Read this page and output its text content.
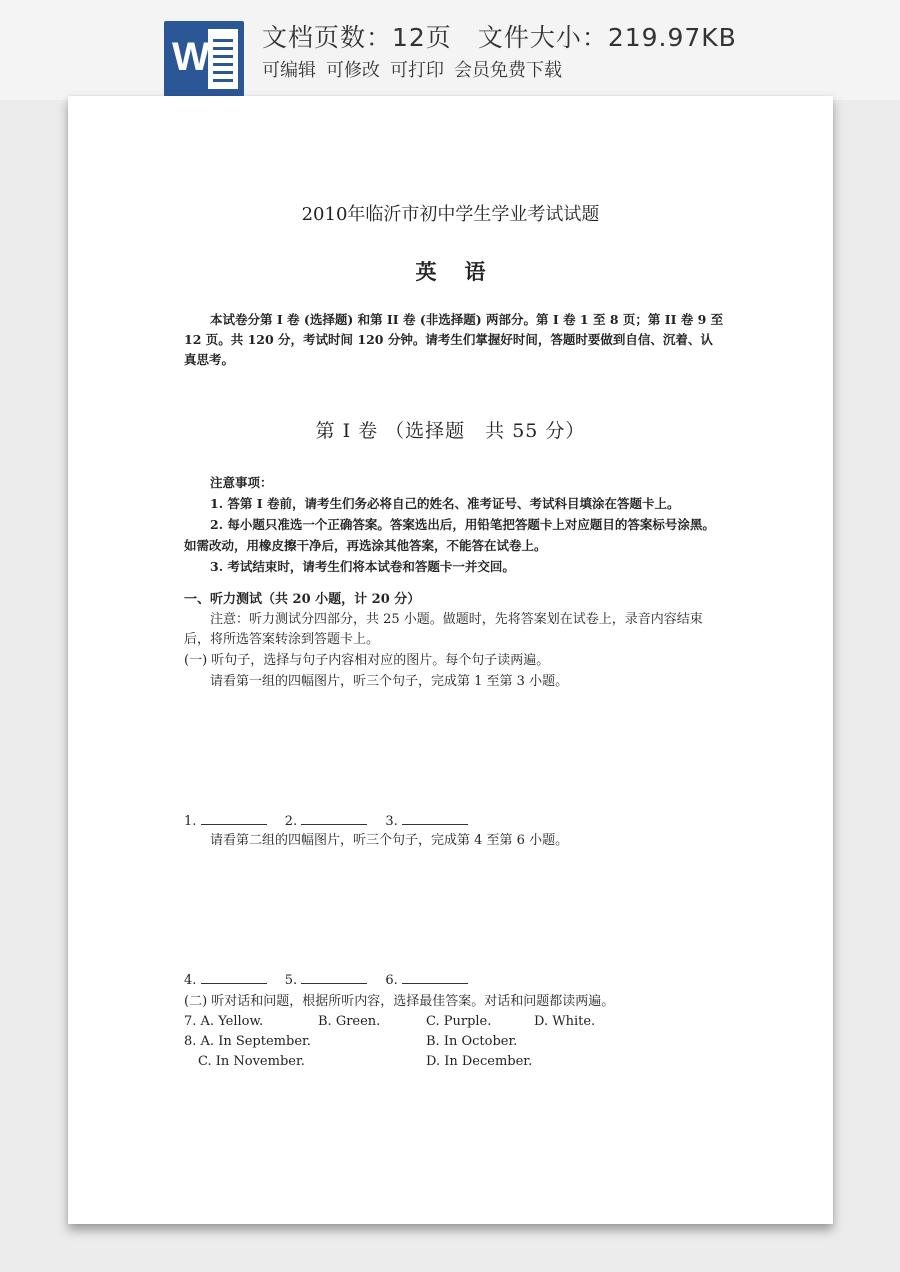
W 文档页数：12页 文件大小：219.97KB
可编辑 可修改 可打印 会员免费下载
2010年临沂市初中学生学业考试试题
英语
本试卷分第 I 卷 (选择题) 和第 II 卷 (非选择题) 两部分。第 I 卷 1 至 8 页；第 II 卷 9 至 12 页。共 120 分，考试时间 120 分钟。请考生们掌握好时间，答题时要做到自信、沉着、认真思考。
第 I 卷 （选择题　共 55 分）
注意事项：
1. 答第 I 卷前，请考生们务必将自己的姓名、准考证号、考试科目填涂在答题卡上。
2. 每小题只准选一个正确答案。答案选出后，用铅笔把答题卡上对应题目的答案标号涂黑。如需改动，用橡皮擦干净后，再选涂其他答案，不能答在试卷上。
3. 考试结束时，请考生们将本试卷和答题卡一并交回。
一、听力测试（共 20 小题，计 20 分）
注意：听力测试分四部分，共 25 小题。做题时，先将答案划在试卷上，录音内容结束
后，将所选答案转涂到答题卡上。
(一) 听句子，选择与句子内容相对应的图片。每个句子读两遍。
请看第一组的四幅图片，听三个句子，完成第 1 至第 3 小题。
1.	2.	3.
请看第二组的四幅图片，听三个句子，完成第 4 至第 6 小题。
4.	5.	6.
(二) 听对话和问题，根据所听内容，选择最佳答案。对话和问题都读两遍。
7. A. Yellow.	B. Green.	C. Purple.	D. White.
8. A. In September.	B. In October.
C. In November.	D. In December.
